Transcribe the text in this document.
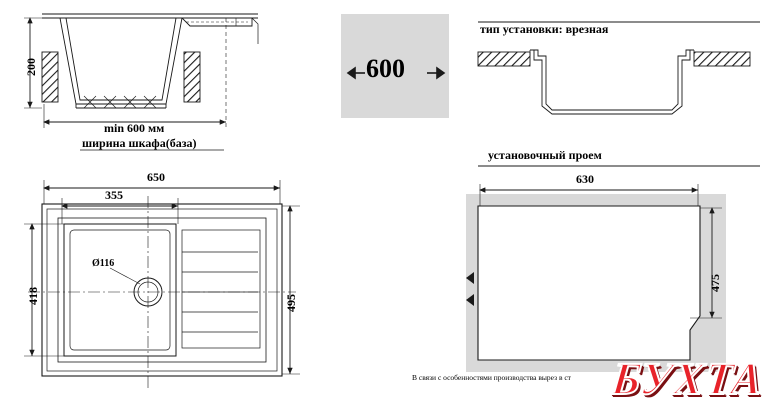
600
200
min 600 мм
ширина шкафа(база)
тип установки: врезная
установочный проем
630
475
В связи с особенностями производства вырез в ст
650
355
418	495
Ø116
БУХТА
